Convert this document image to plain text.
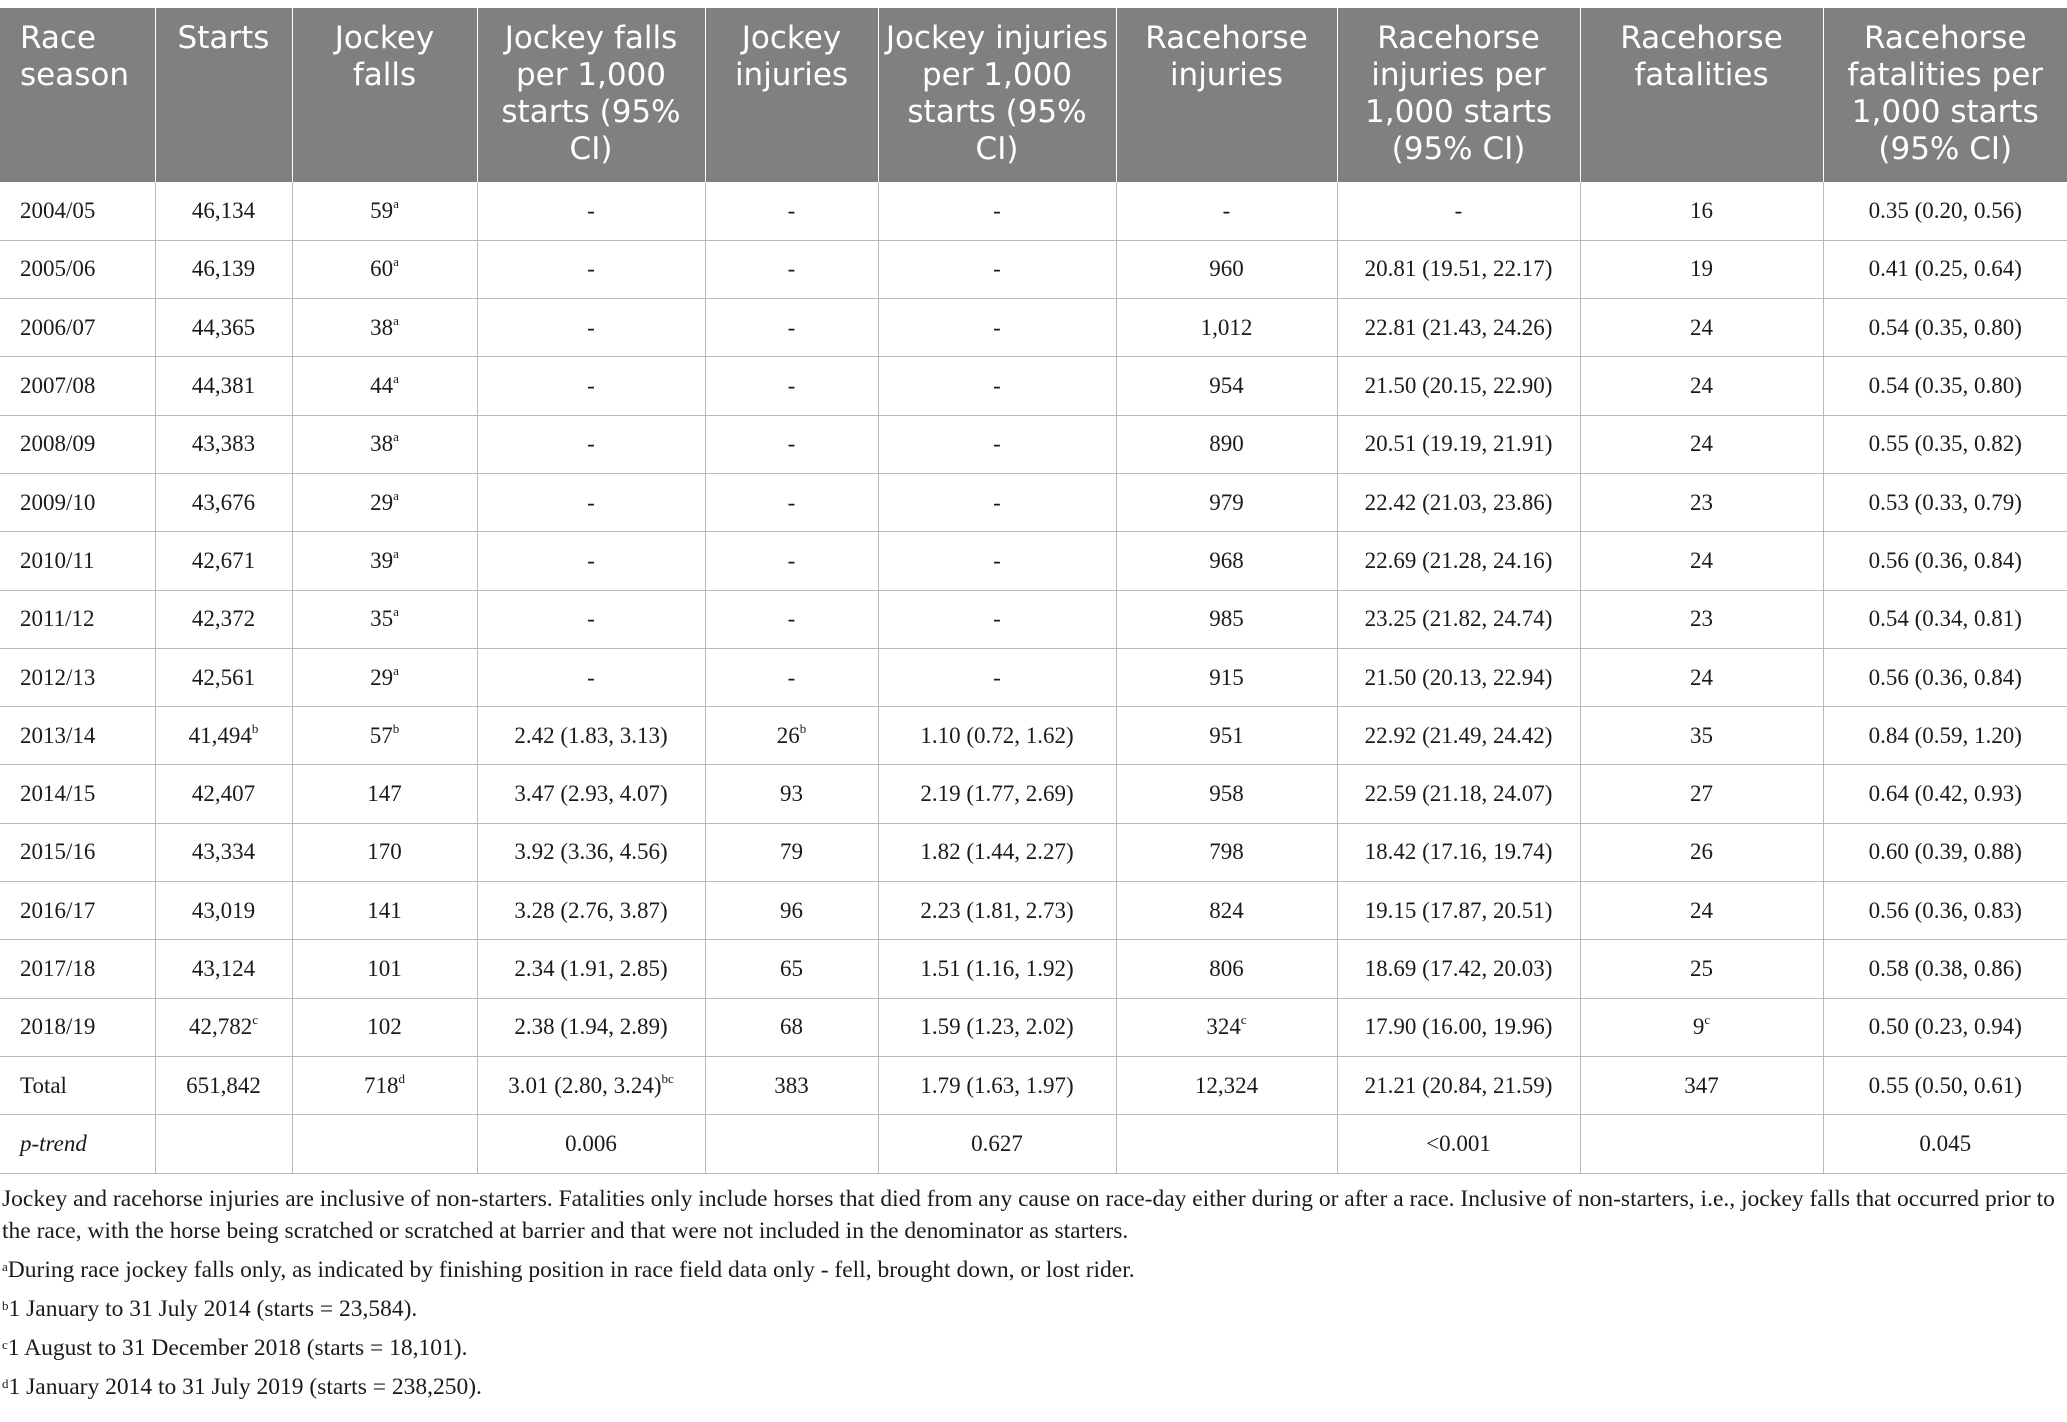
Race season	Starts	Jockey falls	Jockey falls per 1,000 starts (95% CI)	Jockey injuries	Jockey injuries per 1,000 starts (95% CI)	Racehorse injuries	Racehorse injuries per 1,000 starts (95% CI)	Racehorse fatalities	Racehorse fatalities per 1,000 starts (95% CI)
2004/05	46,134	59$^a$	-	-	-	-	-	16	0.35 (0.20, 0.56)
2005/06	46,139	60$^a$	-	-	-	960	20.81 (19.51, 22.17)	19	0.41 (0.25, 0.64)
2006/07	44,365	38$^a$	-	-	-	1,012	22.81 (21.43, 24.26)	24	0.54 (0.35, 0.80)
2007/08	44,381	44$^a$	-	-	-	954	21.50 (20.15, 22.90)	24	0.54 (0.35, 0.80)
2008/09	43,383	38$^a$	-	-	-	890	20.51 (19.19, 21.91)	24	0.55 (0.35, 0.82)
2009/10	43,676	29$^a$	-	-	-	979	22.42 (21.03, 23.86)	23	0.53 (0.33, 0.79)
2010/11	42,671	39$^a$	-	-	-	968	22.69 (21.28, 24.16)	24	0.56 (0.36, 0.84)
2011/12	42,372	35$^a$	-	-	-	985	23.25 (21.82, 24.74)	23	0.54 (0.34, 0.81)
2012/13	42,561	29$^a$	-	-	-	915	21.50 (20.13, 22.94)	24	0.56 (0.36, 0.84)
2013/14	41,494$^b$	57$^b$	2.42 (1.83, 3.13)	26$^b$	1.10 (0.72, 1.62)	951	22.92 (21.49, 24.42)	35	0.84 (0.59, 1.20)
2014/15	42,407	147	3.47 (2.93, 4.07)	93	2.19 (1.77, 2.69)	958	22.59 (21.18, 24.07)	27	0.64 (0.42, 0.93)
2015/16	43,334	170	3.92 (3.36, 4.56)	79	1.82 (1.44, 2.27)	798	18.42 (17.16, 19.74)	26	0.60 (0.39, 0.88)
2016/17	43,019	141	3.28 (2.76, 3.87)	96	2.23 (1.81, 2.73)	824	19.15 (17.87, 20.51)	24	0.56 (0.36, 0.83)
2017/18	43,124	101	2.34 (1.91, 2.85)	65	1.51 (1.16, 1.92)	806	18.69 (17.42, 20.03)	25	0.58 (0.38, 0.86)
2018/19	42,782$^c$	102	2.38 (1.94, 2.89)	68	1.59 (1.23, 2.02)	324$^c$	17.90 (16.00, 19.96)	9$^c$	0.50 (0.23, 0.94)
Total	651,842	718$^d$	3.01 (2.80, 3.24)$^{bc}$	383	1.79 (1.63, 1.97)	12,324	21.21 (20.84, 21.59)	347	0.55 (0.50, 0.61)
p-trend			0.006		0.627		<0.001		0.045

Jockey and racehorse injuries are inclusive of non-starters. Fatalities only include horses that died from any cause on race-day either during or after a race. Inclusive of non-starters, i.e., jockey falls that occurred prior to the race, with the horse being scratched or scratched at barrier and that were not included in the denominator as starters.

$^a$During race jockey falls only, as indicated by finishing position in race field data only - fell, brought down, or lost rider.

$^b$1 January to 31 July 2014 (starts = 23,584).

$^c$1 August to 31 December 2018 (starts = 18,101).

$^d$1 January 2014 to 31 July 2019 (starts = 238,250).
